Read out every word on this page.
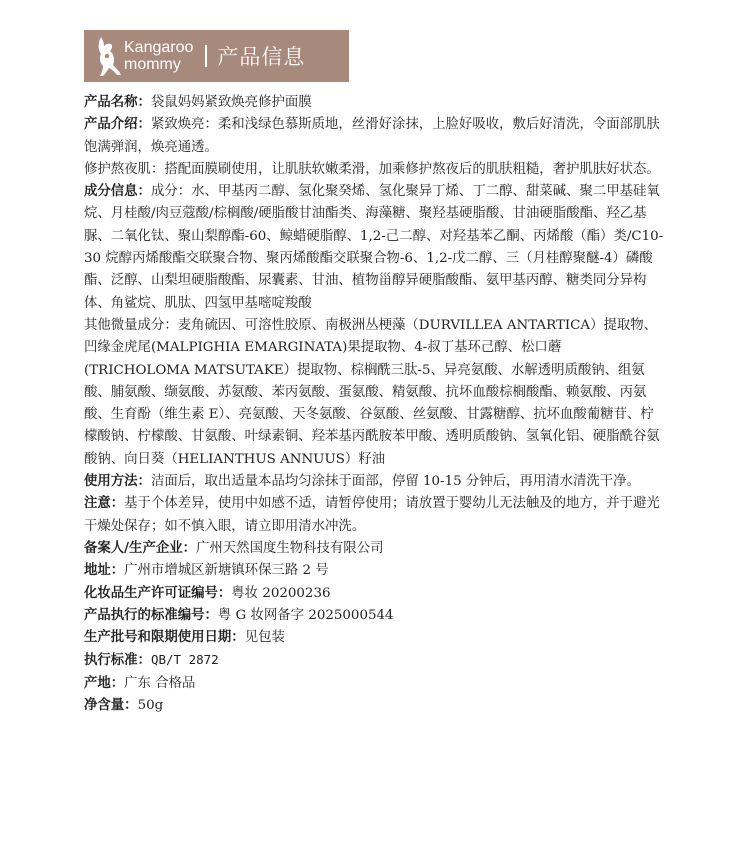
Kangaroo
mommy	产品信息

产品名称：袋鼠妈妈紧致焕亮修护面膜

产品介绍：紧致焕亮：柔和浅绿色慕斯质地，丝滑好涂抹，上脸好吸收，敷后好清洗，令面部肌肤饱满弹润，焕亮通透。

修护熬夜肌：搭配面膜刷使用，让肌肤软嫩柔滑，加乘修护熬夜后的肌肤粗糙，奢护肌肤好状态。

成分信息：成分：水、甲基丙二醇、氢化聚癸烯、氢化聚异丁烯、丁二醇、甜菜碱、聚二甲基硅氧烷、月桂酸/肉豆蔻酸/棕榈酸/硬脂酸甘油酯类、海藻糖、聚羟基硬脂酸、甘油硬脂酸酯、羟乙基脲、二氧化钛、聚山梨醇酯-60、鲸蜡硬脂醇、1,2-己二醇、对羟基苯乙酮、丙烯酸（酯）类/C10-30 烷醇丙烯酸酯交联聚合物、聚丙烯酸酯交联聚合物-6、1,2-戊二醇、三（月桂醇聚醚-4）磷酸酯、泛醇、山梨坦硬脂酸酯、尿囊素、甘油、植物甾醇异硬脂酸酯、氨甲基丙醇、糖类同分异构体、角鲨烷、肌肽、四氢甲基嘧啶羧酸

其他微量成分：麦角硫因、可溶性胶原、南极洲丛梗藻（DURVILLEA ANTARTICA）提取物、凹缘金虎尾(MALPIGHIA EMARGINATA)果提取物、4-叔丁基环己醇、松口蘑(TRICHOLOMA MATSUTAKE）提取物、棕榈酰三肽-5、异亮氨酸、水解透明质酸钠、组氨酸、脯氨酸、缬氨酸、苏氨酸、苯丙氨酸、蛋氨酸、精氨酸、抗坏血酸棕榈酸酯、赖氨酸、丙氨酸、生育酚（维生素 E）、亮氨酸、天冬氨酸、谷氨酸、丝氨酸、甘露糖醇、抗坏血酸葡糖苷、柠檬酸钠、柠檬酸、甘氨酸、叶绿素铜、羟苯基丙酰胺苯甲酸、透明质酸钠、氢氧化铝、硬脂酰谷氨酸钠、向日葵（HELIANTHUS ANNUUS）籽油

使用方法：洁面后，取出适量本品均匀涂抹于面部，停留 10-15 分钟后，再用清水清洗干净。

注意：基于个体差异，使用中如感不适，请暂停使用；请放置于婴幼儿无法触及的地方，并于避光干燥处保存；如不慎入眼，请立即用清水冲洗。

备案人/生产企业：广州天然国度生物科技有限公司

地址：广州市增城区新塘镇环保三路 2 号

化妆品生产许可证编号：粤妆 20200236

产品执行的标准编号：粤 G 妆网备字 2025000544

生产批号和限期使用日期：见包装

执行标准：QB/T 2872

产地：广东 合格品

净含量：50g
